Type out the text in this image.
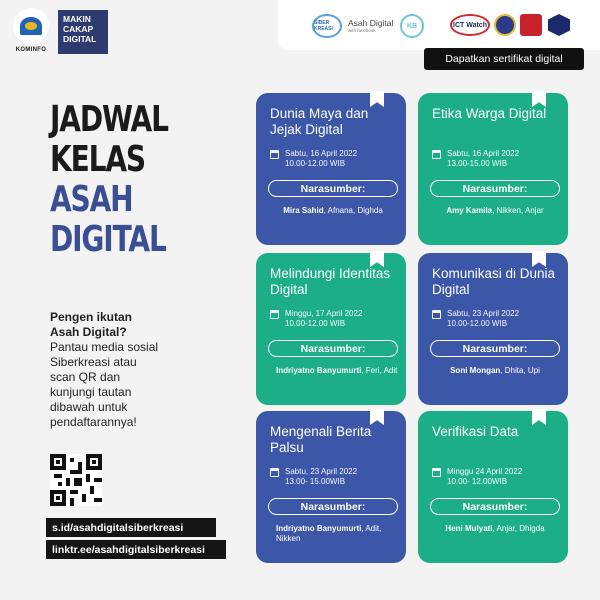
KOMINFO
MAKIN CAKAP DIGITAL
SIBER KREASI
Asah Digital
with facebook
KB	ICT Watch
Dapatkan sertifikat digital
JADWAL
KELAS
ASAH
DIGITAL
Pengen ikutan Asah Digital?
Pantau media sosial Siberkreasi atau scan QR dan kunjungi tautan dibawah untuk pendaftarannya!
s.id/asahdigitalsiberkreasi
linktr.ee/asahdigitalsiberkreasi
Dunia Maya dan Jejak Digital
Sabtu, 16 April 2022
10.00-12.00 WIB
Narasumber:
Mira Sahid, Afnana, Dighda
Etika Warga Digital
Sabtu, 16 April 2022
13.00-15.00 WIB
Narasumber:
Amy Kamila, Nikken, Anjar
Melindungi Identitas Digital
Minggu, 17 April 2022
10.00-12.00 WIB
Narasumber:
Indriyatno Banyumurti, Feri, Adit
Komunikasi di Dunia Digital
Sabtu, 23 April 2022
10.00-12.00 WIB
Narasumber:
Soni Mongan, Dhita, Upi
Mengenali Berita Palsu
Sabtu, 23 April 2022
13.00- 15.00WIB
Narasumber:
Indriyatno Banyumurti, Adit, Nikken
Verifikasi Data
Minggu 24 April 2022
10.00- 12.00WIB
Narasumber:
Heni Mulyati, Anjar, Dhigda
